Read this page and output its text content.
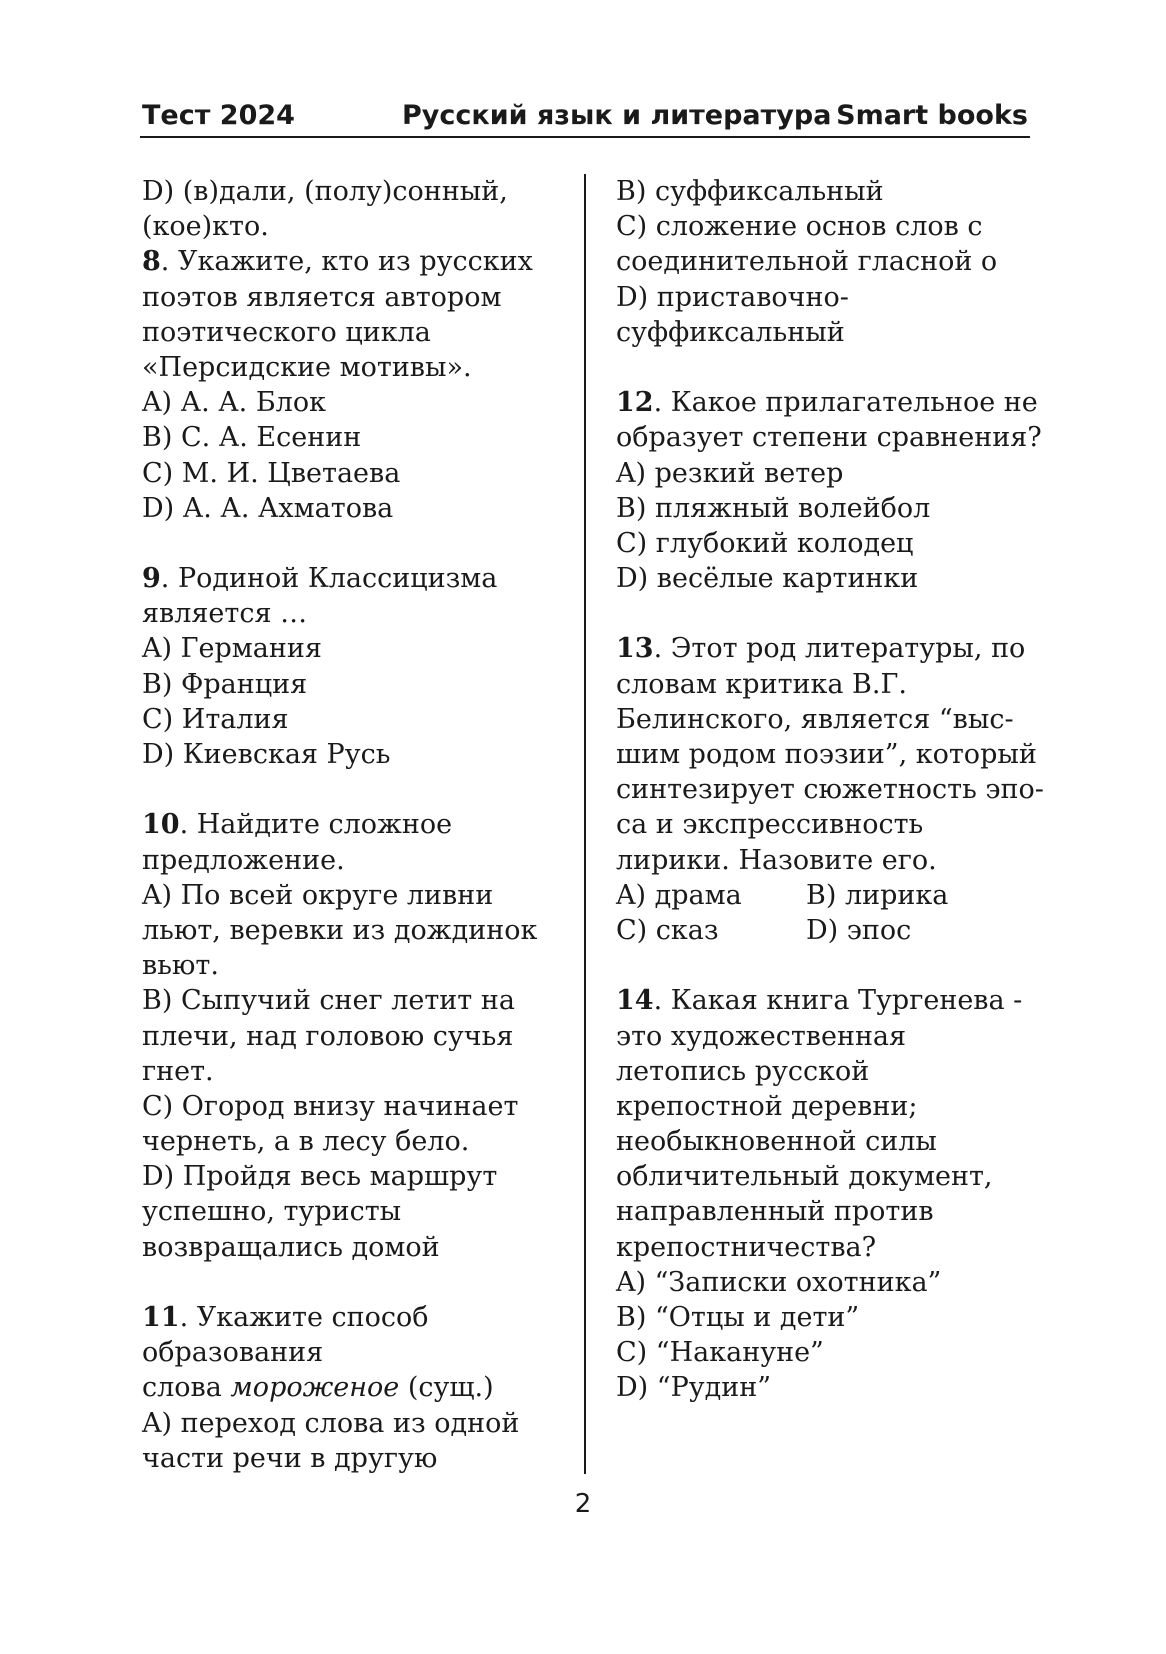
Тест 2024	Русский язык и литература Smart books
D) (в)дали, (полу)сонный,
(кое)кто.
8. Укажите, кто из русских
поэтов является автором
поэтического цикла
«Персидские мотивы».
A) А. А. Блок
B) С. А. Есенин
C) М. И. Цветаева
D) А. А. Ахматова
9. Родиной Классицизма
является …
A) Германия
B) Франция
C) Италия
D) Киевская Русь
10. Найдите сложное
предложение.
A) По всей округе ливни
льют, веревки из дождинок
вьют.
B) Сыпучий снег летит на
плечи, над головою сучья
гнет.
C) Огород внизу начинает
чернеть, а в лесу бело.
D) Пройдя весь маршрут
успешно, туристы
возвращались домой
11. Укажите способ
образования
слова мороженое (сущ.)
A) переход слова из одной
части речи в другую
B) суффиксальный
C) сложение основ слов с
соединительной гласной о
D) приставочно-
суффиксальный
12. Какое прилагательное не
образует степени сравнения?
A) резкий ветер
B) пляжный волейбол
C) глубокий колодец
D) весёлые картинки
13. Этот род литературы, по
словам критика В.Г.
Белинского, является “выс-
шим родом поэзии”, который
синтезирует сюжетность эпо-
са и экспрессивность
лирики. Назовите его.
A) драма B) лирика
C) сказ	D) эпос
14. Какая книга Тургенева -
это художественная
летопись русской
крепостной деревни;
необыкновенной силы
обличительный документ,
направленный против
крепостничества?
A) “Записки охотника”
B) “Отцы и дети”
C) “Накануне”
D) “Рудин”
2
